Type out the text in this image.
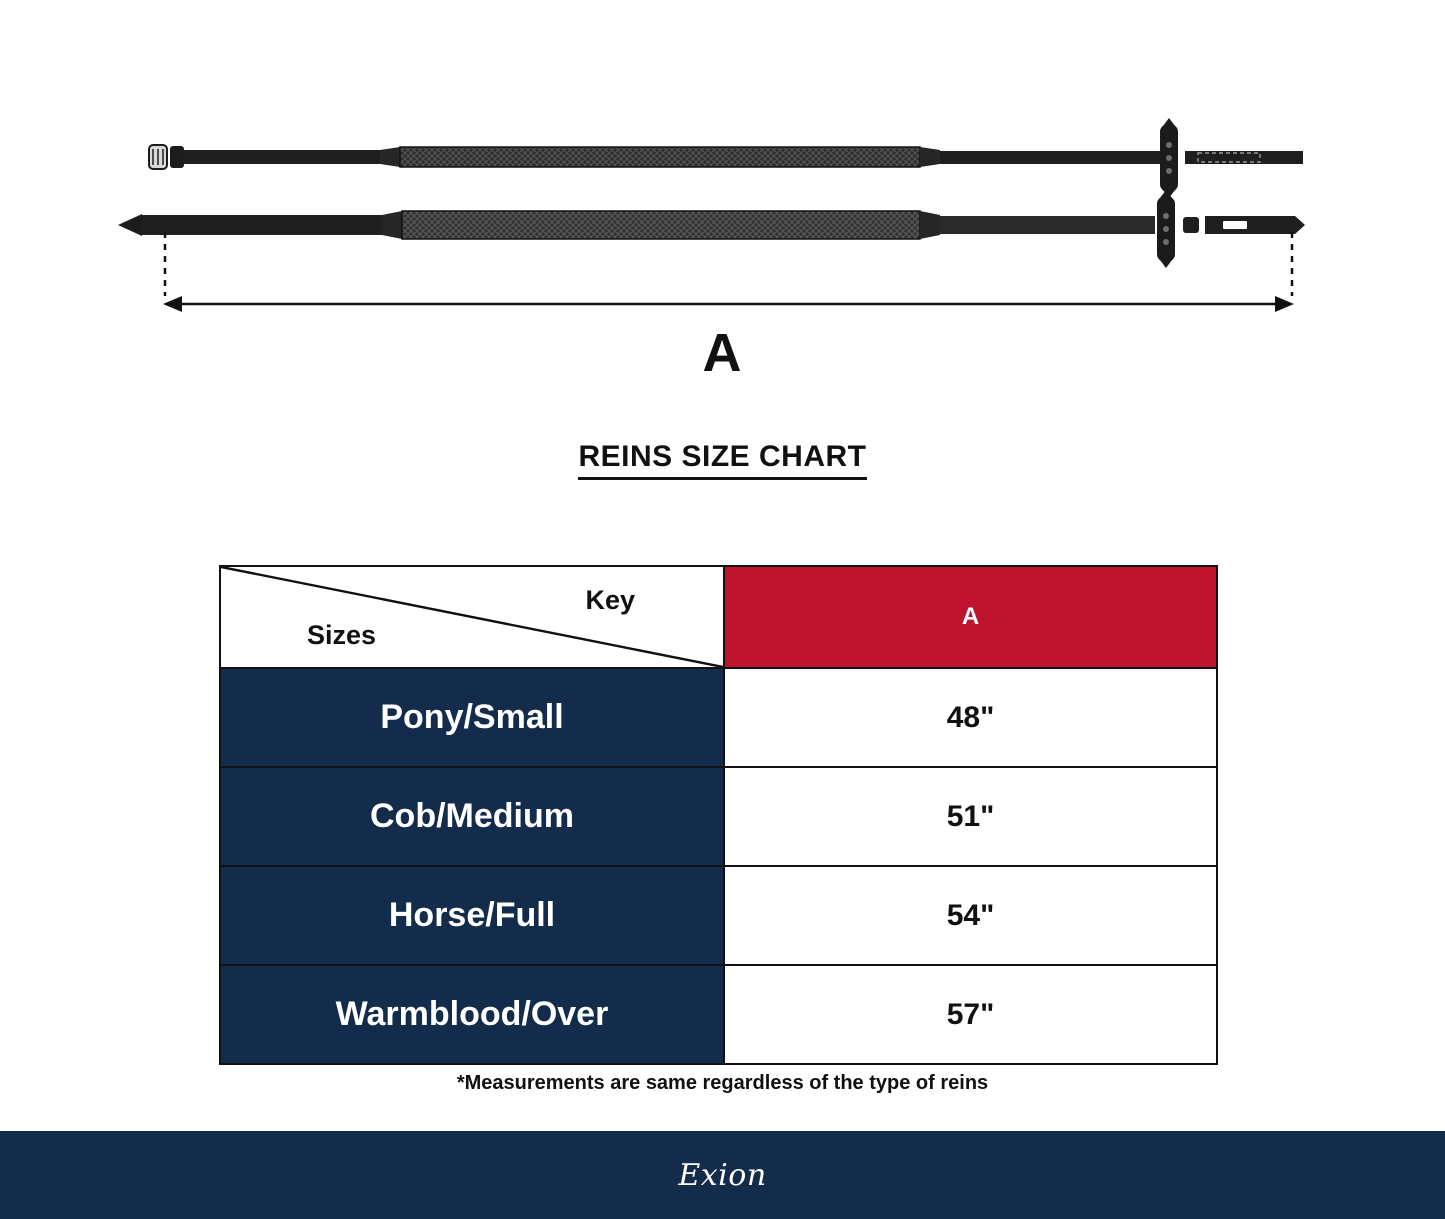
A
REINS SIZE CHART
Key
Sizes	A
Pony/Small	48"
Cob/Medium	51"
Horse/Full	54"
Warmblood/Over	57"
*Measurements are same regardless of the type of reins
Exion
